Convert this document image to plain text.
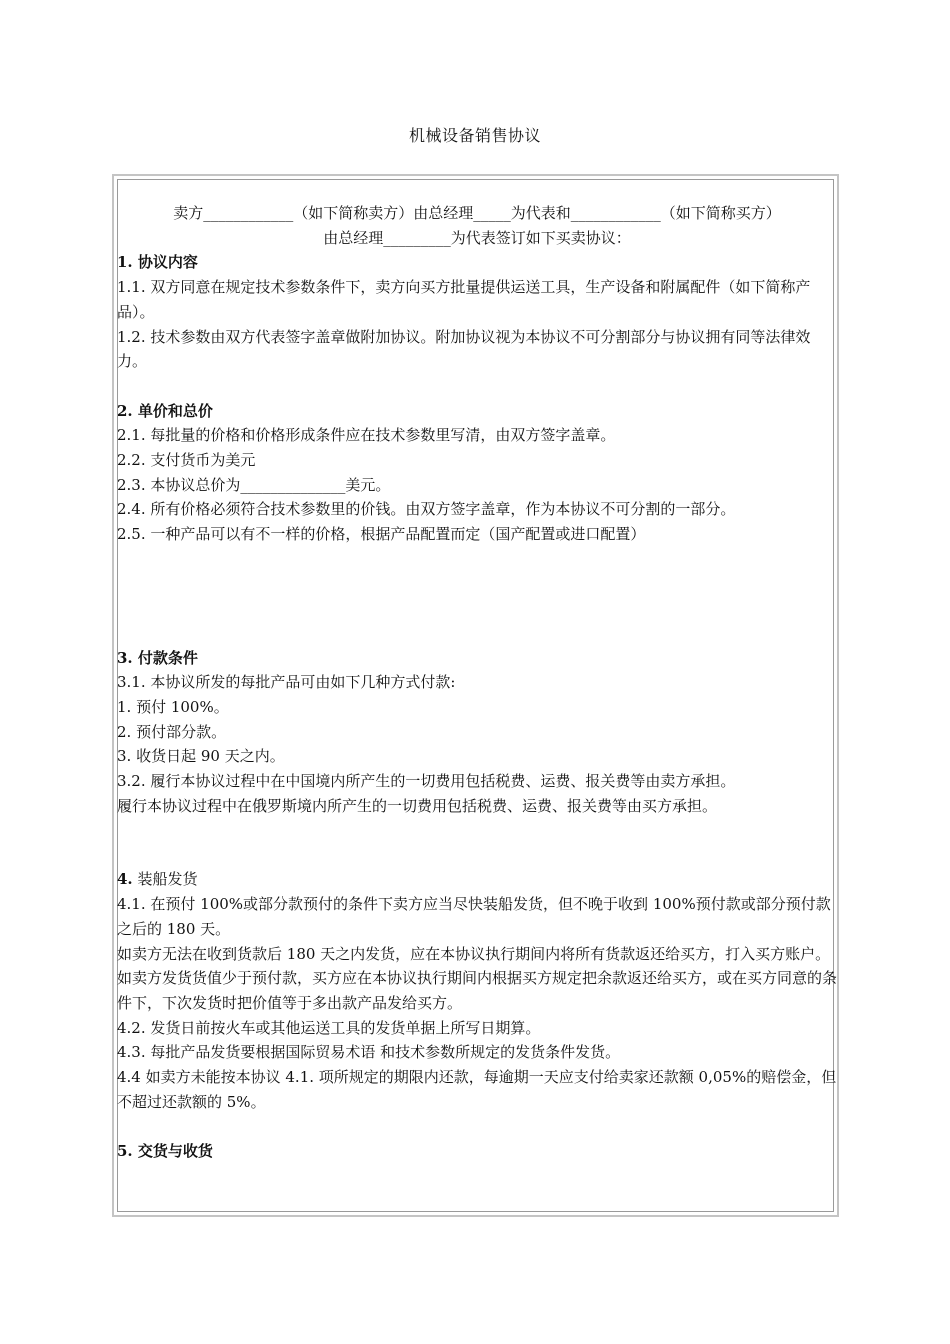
机械设备销售协议

卖方____________（如下简称卖方）由总经理_____为代表和____________（如下简称买方）

由总经理_________为代表签订如下买卖协议：

1. 协议内容

1.1. 双方同意在规定技术参数条件下，卖方向买方批量提供运送工具，生产设备和附属配件（如下简称产品）。

1.2. 技术参数由双方代表签字盖章做附加协议。附加协议视为本协议不可分割部分与协议拥有同等法律效力。

2. 单价和总价

2.1. 每批量的价格和价格形成条件应在技术参数里写清，由双方签字盖章。

2.2. 支付货币为美元

2.3. 本协议总价为______________美元。

2.4. 所有价格必须符合技术参数里的价钱。由双方签字盖章，作为本协议不可分割的一部分。

2.5. 一种产品可以有不一样的价格，根据产品配置而定（国产配置或进口配置）

3. 付款条件

3.1. 本协议所发的每批产品可由如下几种方式付款:

1. 预付 100%。

2. 预付部分款。

3. 收货日起 90 天之内。

3.2. 履行本协议过程中在中国境内所产生的一切费用包括税费、运费、报关费等由卖方承担。

履行本协议过程中在俄罗斯境内所产生的一切费用包括税费、运费、报关费等由买方承担。

4. 装船发货

4.1. 在预付 100%或部分款预付的条件下卖方应当尽快装船发货，但不晚于收到 100%预付款或部分预付款之后的 180 天。

如卖方无法在收到货款后 180 天之内发货，应在本协议执行期间内将所有货款返还给买方，打入买方账户。

如卖方发货货值少于预付款，买方应在本协议执行期间内根据买方规定把余款返还给买方，或在买方同意的条件下，下次发货时把价值等于多出款产品发给买方。

4.2. 发货日前按火车或其他运送工具的发货单据上所写日期算。

4.3. 每批产品发货要根据国际贸易术语 和技术参数所规定的发货条件发货。

4.4 如卖方未能按本协议 4.1. 项所规定的期限内还款，每逾期一天应支付给卖家还款额 0,05%的赔偿金，但不超过还款额的 5%。

5. 交货与收货
